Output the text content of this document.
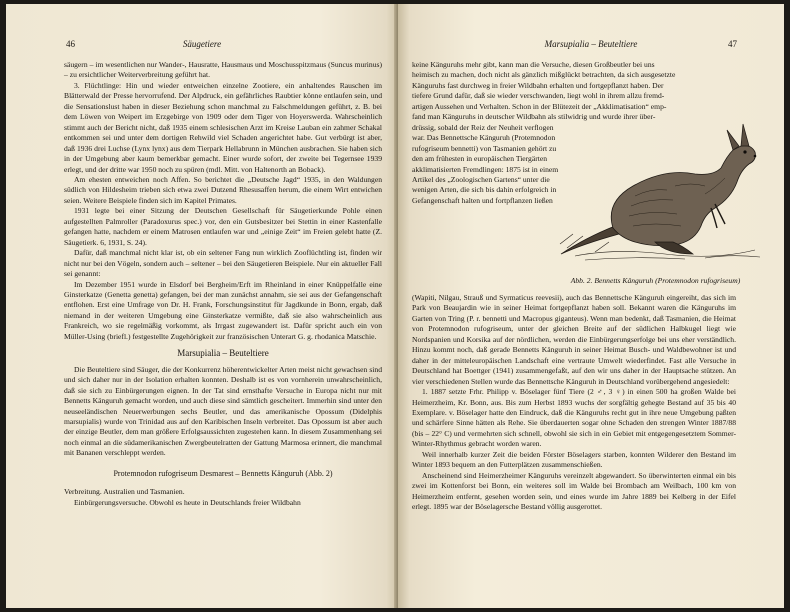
46	Säugetiere

säugern – im wesentlichen nur Wander-, Hausratte, Hausmaus und Moschusspitzmaus (Suncus murinus) – zu ersichtlicher Weiterverbreitung geführt hat.

3. Flüchtlinge: Hin und wieder entweichen einzelne Zootiere, ein anhaltendes Rauschen im Blätterwald der Presse hervorrufend. Der Alpdruck, ein gefährliches Raubtier könne entlaufen sein, und die Sensationslust haben in dieser Beziehung schon manchmal zu Falschmeldungen geführt, z. B. bei dem Löwen von Weipert im Erzgebirge von 1909 oder dem Tiger von Hoyerswerda. Wahrscheinlich stimmt auch der Bericht nicht, daß 1935 einem schlesischen Arzt im Kreise Lauban ein zahmer Schakal entkommen sei und unter dem dortigen Rehwild viel Schaden angerichtet habe. Gut verbürgt ist aber, daß 1936 drei Luchse (Lynx lynx) aus dem Tierpark Hellabrunn in München ausbrachen. Sie haben sich in der Umgebung aber kaum bemerkbar gemacht. Einer wurde sofort, der zweite bei Tegernsee 1939 erlegt, und der dritte war 1950 noch zu spüren (mdl. Mitt. von Haltenorth an Boback).

Am ehesten entweichen noch Affen. So berichtet die „Deutsche Jagd“ 1935, in den Waldungen südlich von Hildesheim trieben sich etwa zwei Dutzend Rhesusaffen herum, die einem Wirt entwichen seien. Weitere Beispiele finden sich im Kapitel Primates.

1931 legte bei einer Sitzung der Deutschen Gesellschaft für Säugetierkunde Pohle einen aufgestellten Palmroller (Paradoxurus spec.) vor, den ein Gutsbesitzer bei Stettin in einer Kastenfalle gefangen hatte, nachdem er einem Matrosen entlaufen war und „einige Zeit“ im Freien gelebt hatte (Z. Säugetierk. 6, 1931, S. 24).

Dafür, daß manchmal nicht klar ist, ob ein seltener Fang nun wirklich Zooflüchtling ist, finden wir nicht nur bei den Vögeln, sondern auch – seltener – bei den Säugetieren Beispiele. Nur ein aktueller Fall sei genannt:

Im Dezember 1951 wurde in Elsdorf bei Bergheim/Erft im Rheinland in einer Knüppelfalle eine Ginsterkatze (Genetta genetta) gefangen, bei der man zunächst annahm, sie sei aus der Gefangenschaft entflohen. Erst eine Umfrage von Dr. H. Frank, Forschungsinstitut für Jagdkunde in Bonn, ergab, daß niemand in der weiteren Umgebung eine Ginsterkatze vermißte, daß sie also wahrscheinlich aus Frankreich, wo sie regelmäßig vorkommt, als Irrgast zugewandert ist. Dafür spricht auch ein von Müller-Using (briefl.) festgestellte Zugehörigkeit zur französischen Unterart G. g. rhodanica Matschie.

Marsupialia – Beuteltiere

Die Beuteltiere sind Säuger, die der Konkurrenz höherentwickelter Arten meist nicht gewachsen sind und sich daher nur in der Isolation erhalten konnten. Deshalb ist es von vornherein unwahrscheinlich, daß sie sich zu Einbürgerungen eignen. In der Tat sind ernsthafte Versuche in Europa nicht nur mit Bennetts Känguruh gemacht worden, und auch diese sind sämtlich gescheitert. Immerhin sind unter den neuseeländischen Neuerwerbungen sechs Beutler, und das amerikanische Opossum (Didelphis marsupialis) wurde von Trinidad aus auf den Karibischen Inseln verbreitet. Das Opossum ist aber auch der einzige Beutler, dem man größere Erfolgsaussichten zugestehen kann. In diesem Zusammenhang sei noch einmal an die südamerikanischen Zwergbeutelratten der Gattung Marmosa erinnert, die manchmal mit Bananen verschleppt werden.

Protemnodon rufogriseum Desmarest – Bennetts Känguruh (Abb. 2)

Verbreitung. Australien und Tasmanien.

Einbürgerungsversuche. Obwohl es heute in Deutschlands freier Wildbahn

Marsupialia – Beuteltiere	47
keine Känguruhs mehr gibt, kann man die Versuche, diesen Großbeutler bei uns
heimisch zu machen, doch nicht als gänzlich mißglückt betrachten, da sich ausgesetzte
Känguruhs fast durchweg in freier Wildbahn erhalten und fortgepflanzt haben. Der
tiefere Grund dafür, daß sie wieder verschwanden, liegt wohl in ihrem allzu fremd-
artigen Aussehen und Verhalten. Schon in der Blütezeit der „Akklimatisation“ emp-
fand man Känguruhs in deutscher Wildbahn als stilwidrig und wurde ihrer über-
drüssig, sobald der Reiz der Neuheit verflogen
war. Das Bennettsche Känguruh (Protemnodon
rufogriseum bennetti) von Tasmanien gehört zu
den am frühesten in europäischen Tiergärten
akklimatisierten Fremdlingen: 1875 ist in einem
Artikel des „Zoologischen Gartens“ unter die
wenigen Arten, die sich bis dahin erfolgreich in
Gefangenschaft halten und fortpflanzen ließen
Abb. 2. Bennetts Känguruh (Protemnodon rufogriseum)

(Wapiti, Nilgau, Strauß und Syrmaticus reevesii), auch das Bennettsche Känguruh eingereiht, das sich im Park von Beaujardin wie in seiner Heimat fortgepflanzt haben soll. Bekannt waren die Känguruhs im Garten von Tring (P. r. bennetti und Macropus giganteus). Wenn man bedenkt, daß Tasmanien, die Heimat von Protemnodon rufogriseum, unter der gleichen Breite auf der südlichen Halbkugel liegt wie Nordspanien und Korsika auf der nördlichen, werden die Einbürgerungserfolge bei uns eher verständlich. Hinzu kommt noch, daß gerade Bennetts Känguruh in seiner Heimat Busch- und Waldbewohner ist und daher in der mitteleuropäischen Landschaft eine vertraute Umwelt wiederfindet. Fast alle Versuche in Deutschland hat Boettger (1941) zusammengefaßt, auf den wir uns daher in der Hauptsache stützen. An vier verschiedenen Stellen wurde das Bennettsche Känguruh in Deutschland vorübergehend angesiedelt:

1. 1887 setzte Frhr. Philipp v. Böselager fünf Tiere (2 ♂, 3 ♀) in einen 500 ha großen Walde bei Heimerzheim, Kr. Bonn, aus. Bis zum Herbst 1893 wuchs der sorgfältig gehegte Bestand auf 35 bis 40 Exemplare. v. Böselager hatte den Eindruck, daß die Känguruhs recht gut in ihre neue Umgebung paßten und schärfere Sinne hätten als Rehe. Sie überdauerten sogar ohne Schaden den strengen Winter 1887/88 (bis – 22° C) und vermehrten sich schnell, obwohl sie sich in ein Gebiet mit entgegengesetztem Sommer-Winter-Rhythmus gebracht worden waren.

Weil innerhalb kurzer Zeit die beiden Förster Böselagers starben, konnten Wilderer den Bestand im Winter 1893 bequem an den Futterplätzen zusammenschießen.

Anscheinend sind Heimerzheimer Känguruhs vereinzelt abgewandert. So überwinterten einmal ein bis zwei im Kottenforst bei Bonn, ein weiteres soll im Walde bei Brombach am Weilbach, 100 km von Heimerzheim entfernt, gesehen worden sein, und eines wurde im Jahre 1889 bei Kelberg in der Eifel erlegt. 1895 war der Böselagersche Bestand völlig ausgerottet.
